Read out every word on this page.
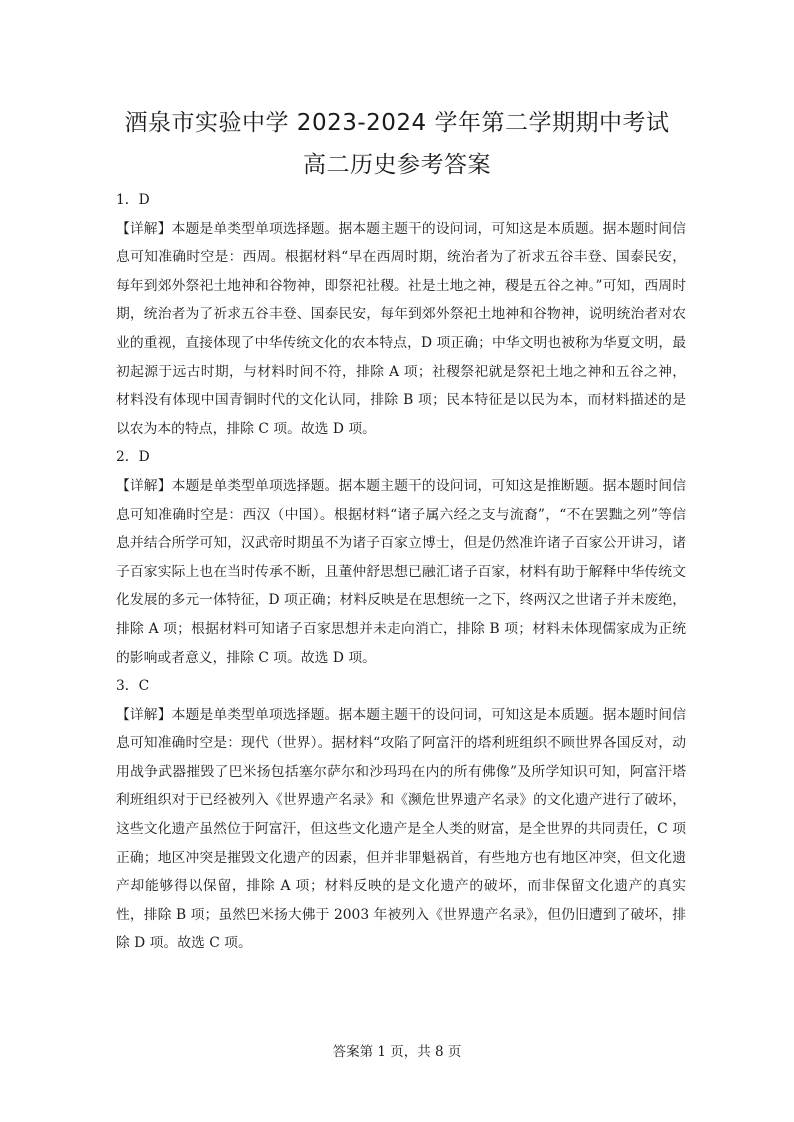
酒泉市实验中学 2023-2024 学年第二学期期中考试
高二历史参考答案

1．D

【详解】本题是单类型单项选择题。据本题主题干的设问词，可知这是本质题。据本题时间信息可知准确时空是：西周。根据材料“早在西周时期，统治者为了祈求五谷丰登、国泰民安，每年到郊外祭祀土地神和谷物神，即祭祀社稷。社是土地之神，稷是五谷之神。”可知，西周时期，统治者为了祈求五谷丰登、国泰民安，每年到郊外祭祀土地神和谷物神，说明统治者对农业的重视，直接体现了中华传统文化的农本特点，D 项正确；中华文明也被称为华夏文明，最初起源于远古时期，与材料时间不符，排除 A 项；社稷祭祀就是祭祀土地之神和五谷之神，材料没有体现中国青铜时代的文化认同，排除 B 项；民本特征是以民为本，而材料描述的是以农为本的特点，排除 C 项。故选 D 项。

2．D

【详解】本题是单类型单项选择题。据本题主题干的设问词，可知这是推断题。据本题时间信息可知准确时空是：西汉（中国）。根据材料“诸子属六经之支与流裔”，“不在罢黜之列”等信息并结合所学可知，汉武帝时期虽不为诸子百家立博士，但是仍然准许诸子百家公开讲习，诸子百家实际上也在当时传承不断，且董仲舒思想已融汇诸子百家，材料有助于解释中华传统文化发展的多元一体特征，D 项正确；材料反映是在思想统一之下，终两汉之世诸子并未废绝，排除 A 项；根据材料可知诸子百家思想并未走向消亡，排除 B 项；材料未体现儒家成为正统的影响或者意义，排除 C 项。故选 D 项。

3．C

【详解】本题是单类型单项选择题。据本题主题干的设问词，可知这是本质题。据本题时间信息可知准确时空是：现代（世界）。据材料“攻陷了阿富汗的塔利班组织不顾世界各国反对，动用战争武器摧毁了巴米扬包括塞尔萨尔和沙玛玛在内的所有佛像”及所学知识可知，阿富汗塔利班组织对于已经被列入《世界遗产名录》和《濒危世界遗产名录》的文化遗产进行了破坏，这些文化遗产虽然位于阿富汗，但这些文化遗产是全人类的财富，是全世界的共同责任，C 项正确；地区冲突是摧毁文化遗产的因素，但并非罪魁祸首，有些地方也有地区冲突，但文化遗产却能够得以保留，排除 A 项；材料反映的是文化遗产的破坏，而非保留文化遗产的真实性，排除 B 项；虽然巴米扬大佛于 2003 年被列入《世界遗产名录》，但仍旧遭到了破坏，排除 D 项。故选 C 项。

答案第 1 页，共 8 页
